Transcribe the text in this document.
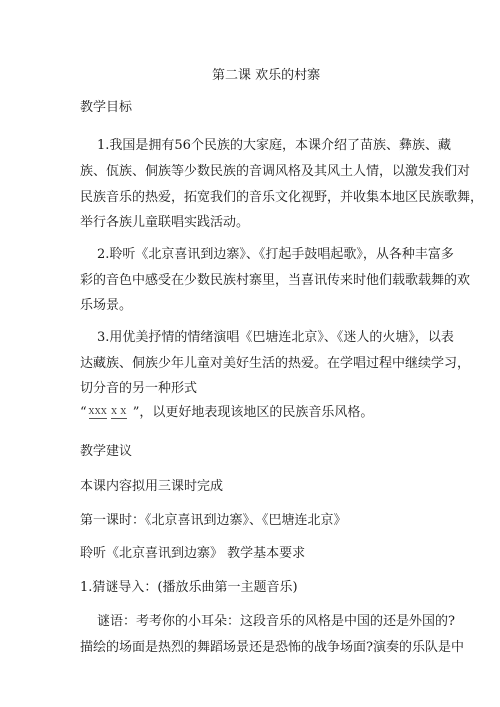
第二课 欢乐的村寨
教学目标
1.我国是拥有56个民族的大家庭，本课介绍了苗族、彝族、藏
族、佤族、侗族等少数民族的音调风格及其风土人情，以激发我们对
民族音乐的热爱，拓宽我们的音乐文化视野，并收集本地区民族歌舞，
举行各族儿童联唱实践活动。
2.聆听《北京喜讯到边寨》、《打起手鼓唱起歌》，从各种丰富多
彩的音色中感受在少数民族村寨里，当喜讯传来时他们载歌载舞的欢
乐场景。
3.用优美抒情的情绪演唱《巴塘连北京》、《迷人的火塘》，以表
达藏族、侗族少年儿童对美好生活的热爱。在学唱过程中继续学习，
切分音的另一种形式
“ XXX X X ”，以更好地表现该地区的民族音乐风格。
教学建议
本课内容拟用三课时完成
第一课时：《北京喜讯到边寨》、《巴塘连北京》
聆听《北京喜讯到边寨》 教学基本要求
1.猜谜导入：(播放乐曲第一主题音乐)
谜语：考考你的小耳朵：这段音乐的风格是中国的还是外国的?
描绘的场面是热烈的舞蹈场景还是恐怖的战争场面?演奏的乐队是中
